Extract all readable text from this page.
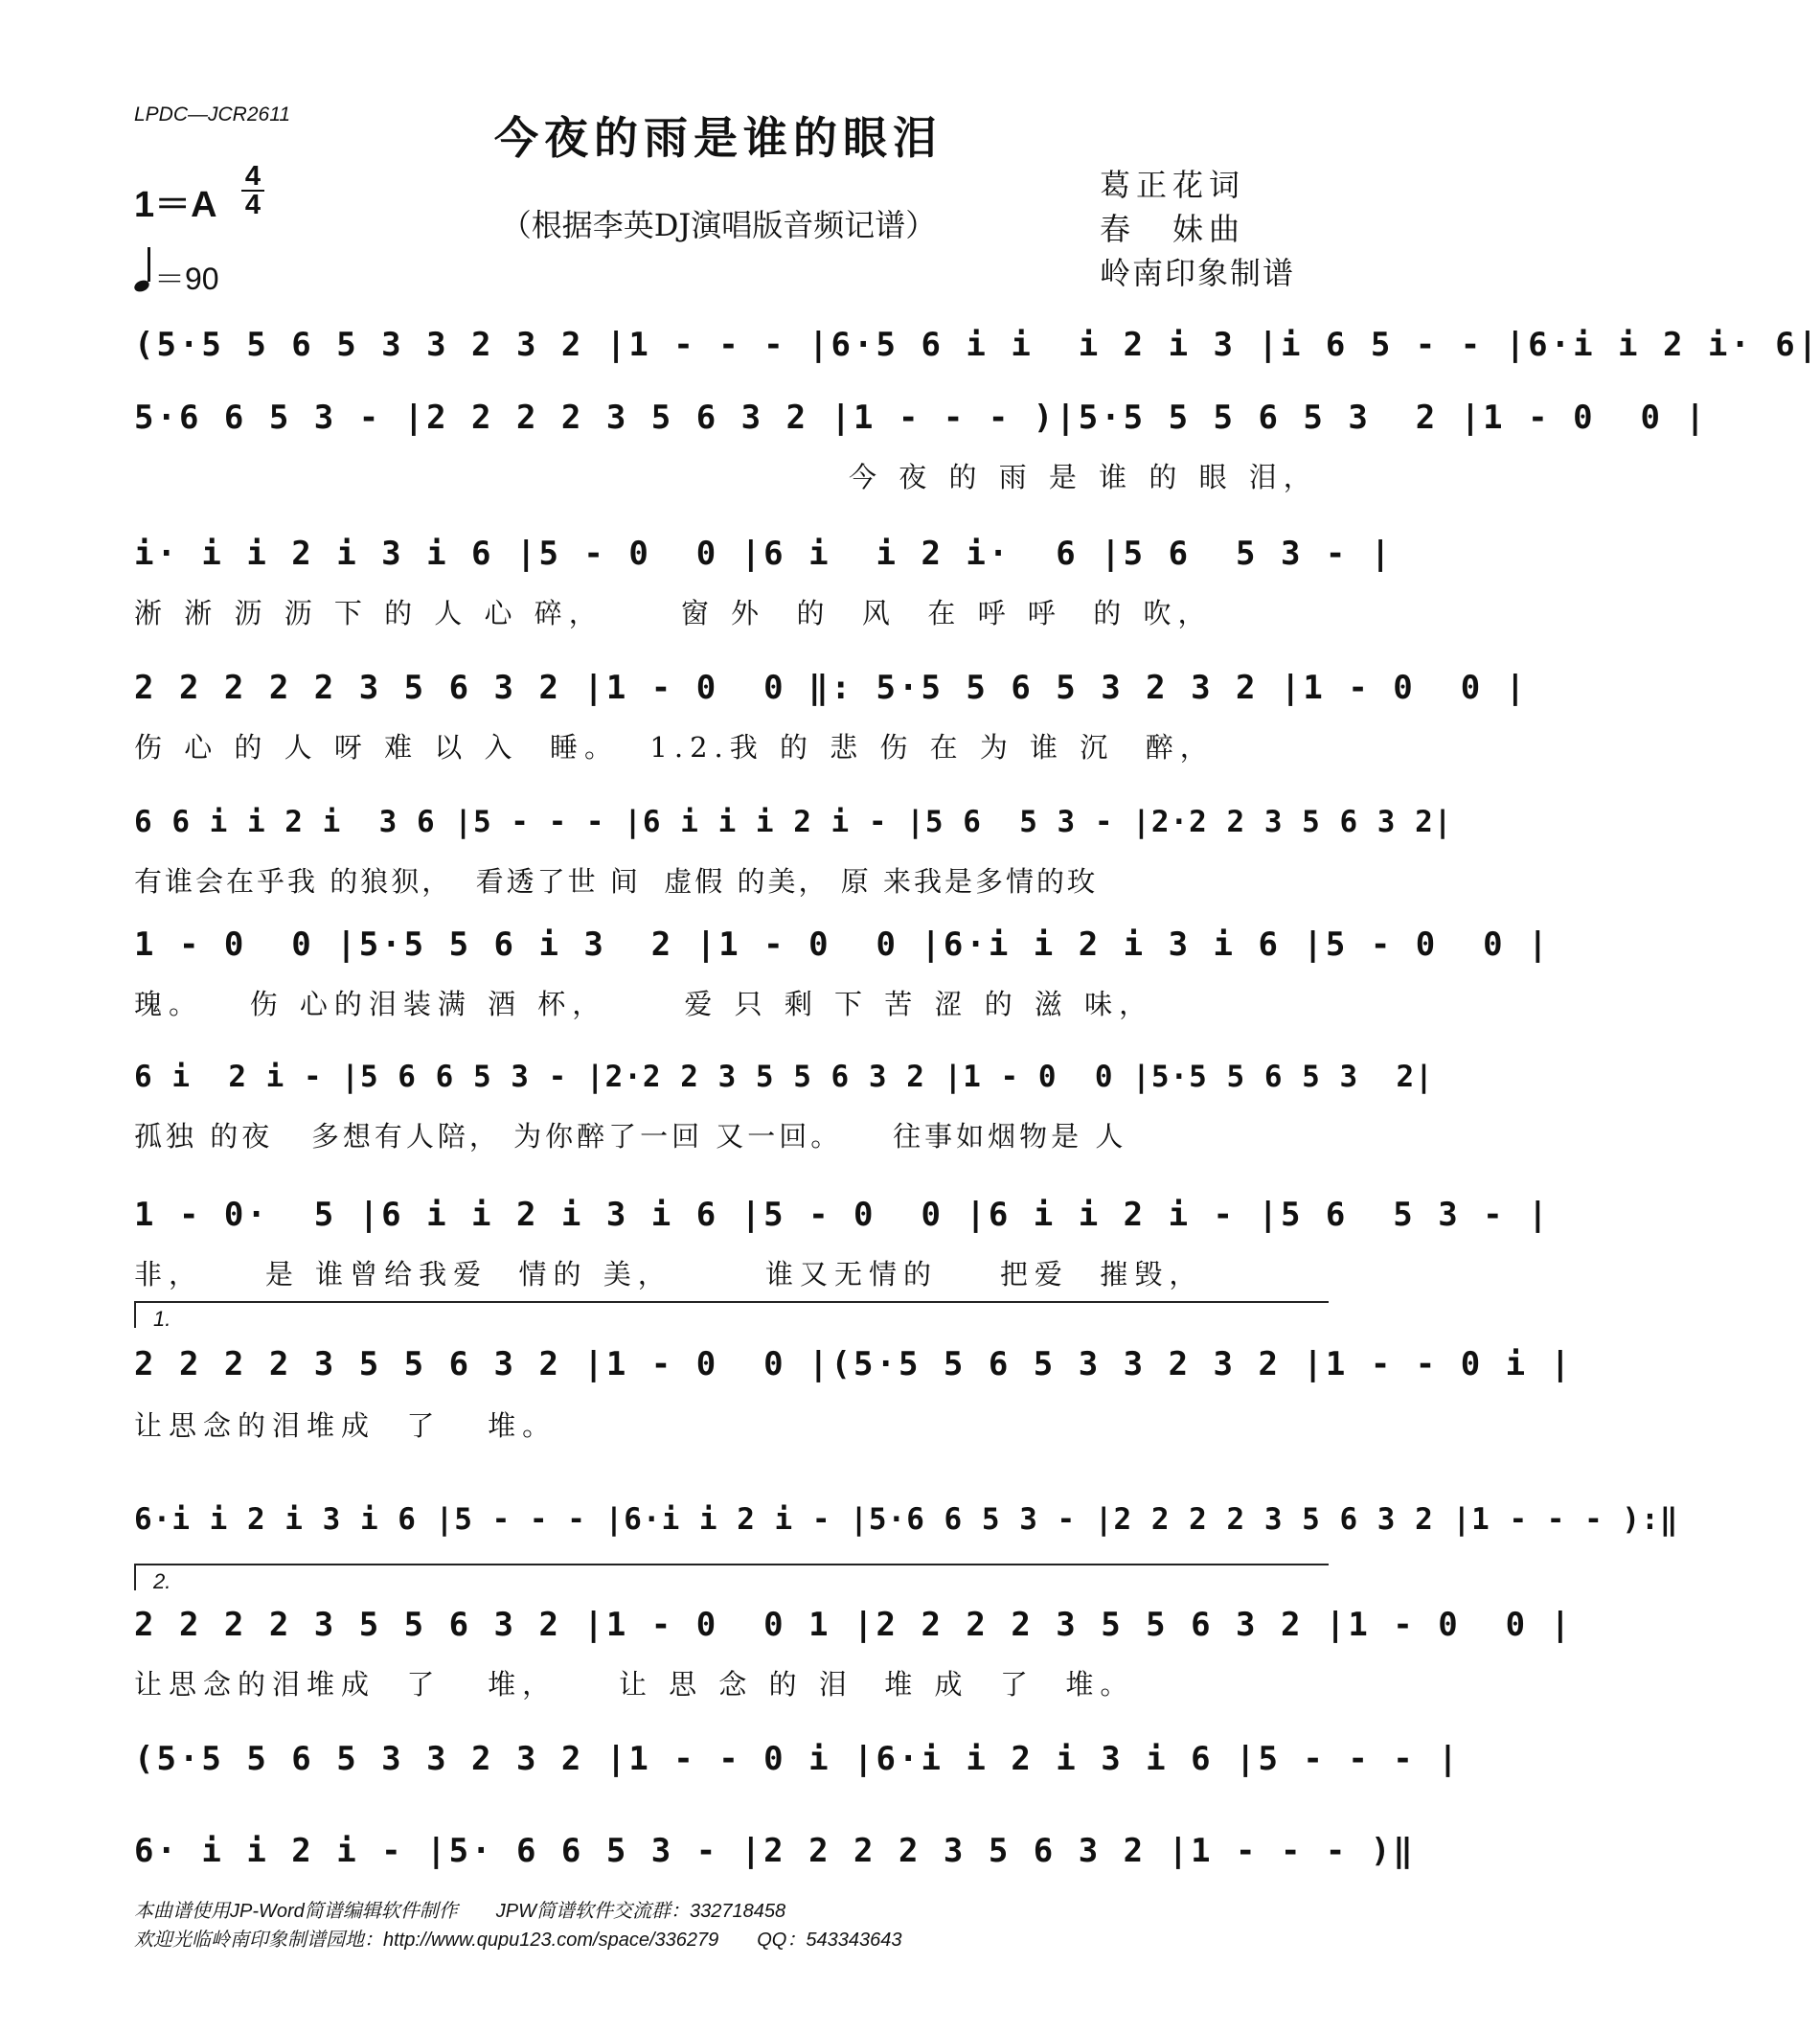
LPDC—JCR2611	今夜的雨是谁的眼泪
（根据李英DJ演唱版音频记谱）
1＝A
4
4
＝90
葛正花词
春　妹曲
岭南印象制谱
(5·5 5 6 5 3 3 2 3 2 |1 - - - |6·5 6 i i  i 2 i 3 |i 6 5 - - |6·i i 2 i· 6|
5·6 6 5 3 - |2 2 2 2 3 5 6 3 2 |1 - - - )|5·5 5 5 6 5 3  2 |1 - 0  0 |
今 夜 的 雨 是 谁 的 眼 泪，
i· i i 2 i 3 i 6 |5 - 0  0 |6 i  i 2 i·  6 |5 6  5 3 - |
淅 淅 沥 沥 下 的 人 心 碎，     窗 外  的  风  在 呼 呼  的 吹，
2 2 2 2 2 3 5 6 3 2 |1 - 0  0 ‖: 5·5 5 6 5 3 2 3 2 |1 - 0  0 |
伤 心 的 人 呀 难 以 入  睡。  1.2.我 的 悲 伤 在 为 谁 沉  醉，
6 6 i i 2 i  3 6 |5 - - - |6 i i i 2 i - |5 6  5 3 - |2·2 2 3 5 6 3 2|
有谁会在乎我 的狼狈，  看透了世 间  虚假 的美， 原 来我是多情的玫
1 - 0  0 |5·5 5 6 i 3  2 |1 - 0  0 |6·i i 2 i 3 i 6 |5 - 0  0 |
瑰。   伤 心的泪装满 酒 杯，     爱 只 剩 下 苦 涩 的 滋 味，
6 i  2 i - |5 6 6 5 3 - |2·2 2 3 5 5 6 3 2 |1 - 0  0 |5·5 5 6 5 3  2|
孤独 的夜   多想有人陪， 为你醉了一回 又一回。    往事如烟物是 人
1 - 0·  5 |6 i i 2 i 3 i 6 |5 - 0  0 |6 i i 2 i - |5 6  5 3 - |
非，    是 谁曾给我爱  情的 美，      谁又无情的    把爱  摧毁，
1.
2 2 2 2 3 5 5 6 3 2 |1 - 0  0 |(5·5 5 6 5 3 3 2 3 2 |1 - - 0 i |
让思念的泪堆成  了   堆。
6·i i 2 i 3 i 6 |5 - - - |6·i i 2 i - |5·6 6 5 3 - |2 2 2 2 3 5 6 3 2 |1 - - - ):‖
2.
2 2 2 2 3 5 5 6 3 2 |1 - 0  0 1 |2 2 2 2 3 5 5 6 3 2 |1 - 0  0 |
让思念的泪堆成  了   堆，    让 思 念 的 泪  堆 成  了  堆。
(5·5 5 6 5 3 3 2 3 2 |1 - - 0 i |6·i i 2 i 3 i 6 |5 - - - |
6· i i 2 i - |5· 6 6 5 3 - |2 2 2 2 3 5 6 3 2 |1 - - - )‖
本曲谱使用JP-Word简谱编辑软件制作　　JPW简谱软件交流群：332718458
欢迎光临岭南印象制谱园地：http://www.qupu123.com/space/336279　　QQ：543343643
